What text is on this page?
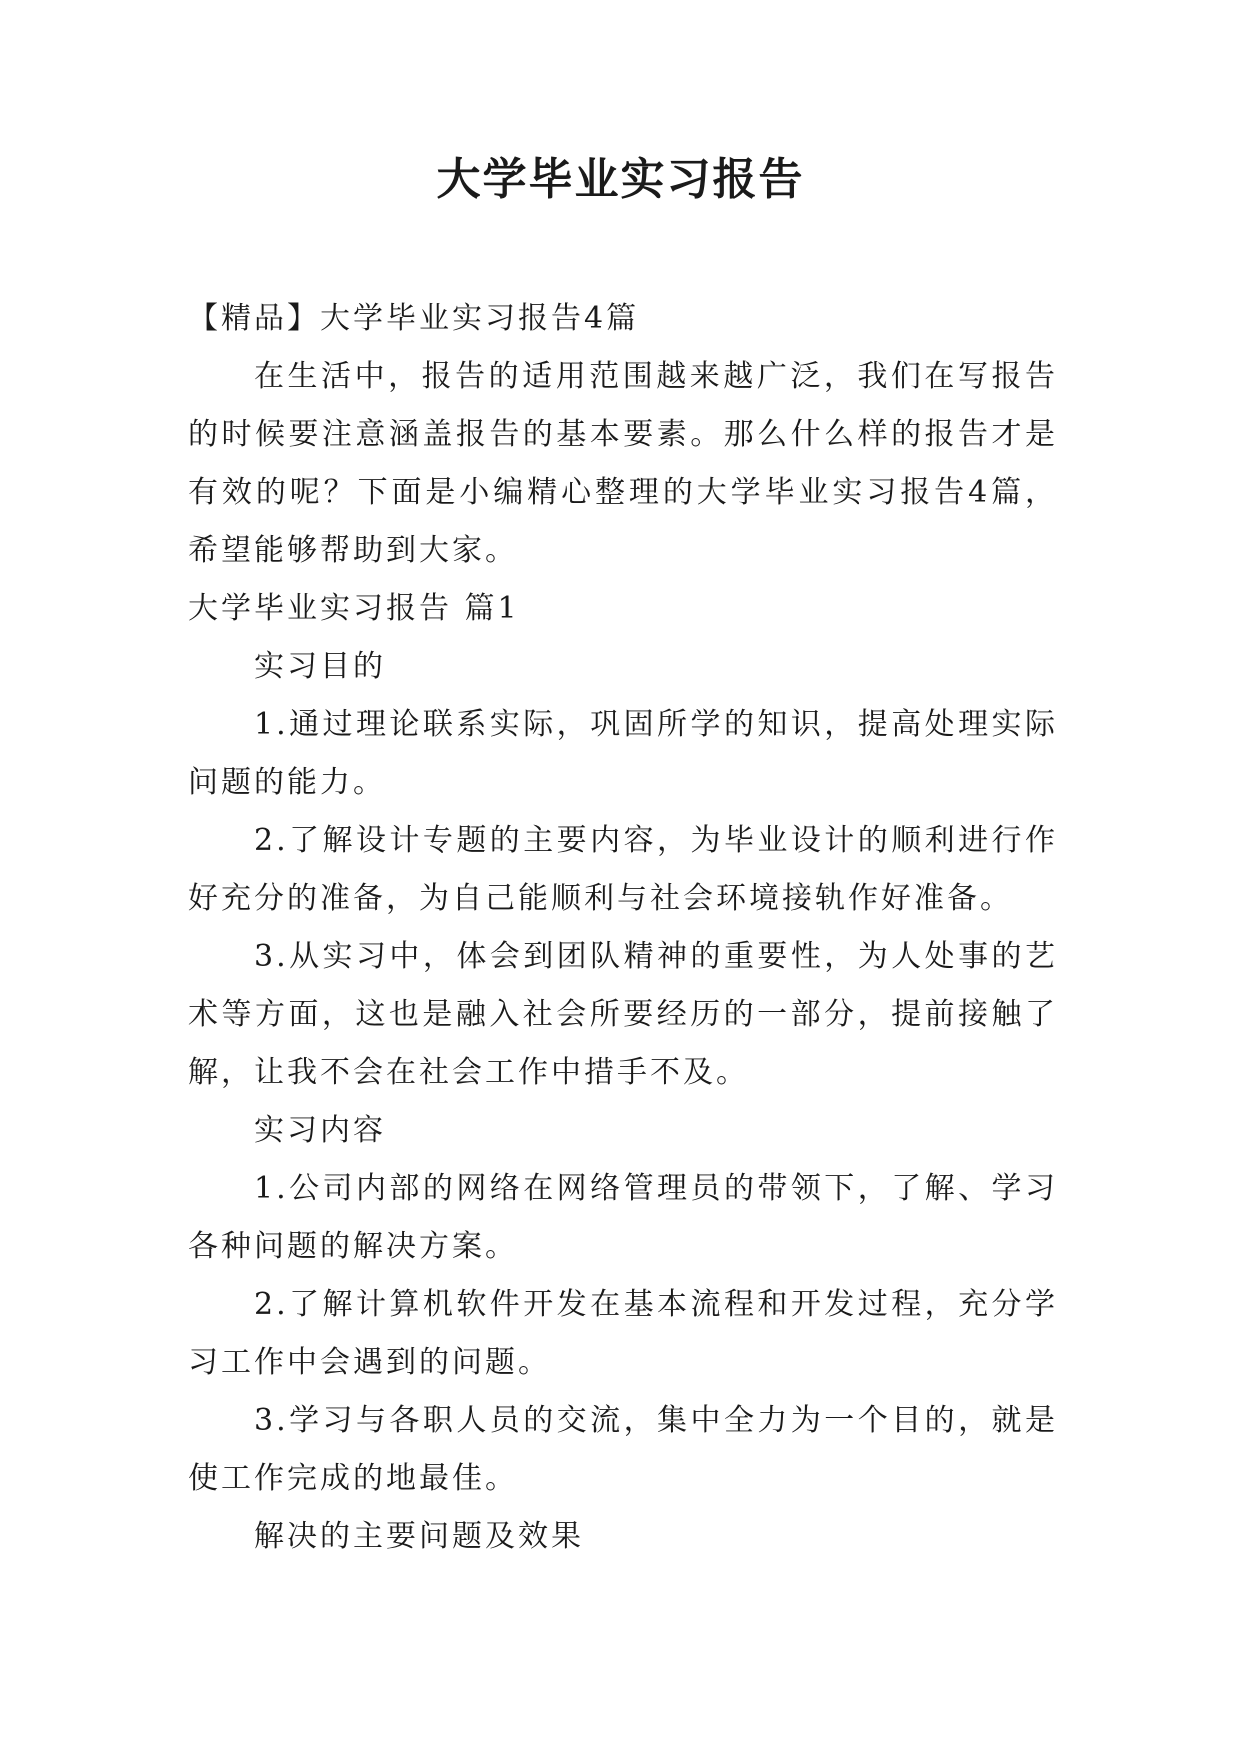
大学毕业实习报告

【精品】大学毕业实习报告4篇

在生活中，报告的适用范围越来越广泛，我们在写报告的时候要注意涵盖报告的基本要素。那么什么样的报告才是有效的呢？下面是小编精心整理的大学毕业实习报告4篇，希望能够帮助到大家。

大学毕业实习报告 篇1

实习目的

1.通过理论联系实际，巩固所学的知识，提高处理实际问题的能力。

2.了解设计专题的主要内容，为毕业设计的顺利进行作好充分的准备，为自己能顺利与社会环境接轨作好准备。

3.从实习中，体会到团队精神的重要性，为人处事的艺术等方面，这也是融入社会所要经历的一部分，提前接触了解，让我不会在社会工作中措手不及。

实习内容

1.公司内部的网络在网络管理员的带领下，了解、学习各种问题的解决方案。

2.了解计算机软件开发在基本流程和开发过程，充分学习工作中会遇到的问题。

3.学习与各职人员的交流，集中全力为一个目的，就是使工作完成的地最佳。

解决的主要问题及效果
